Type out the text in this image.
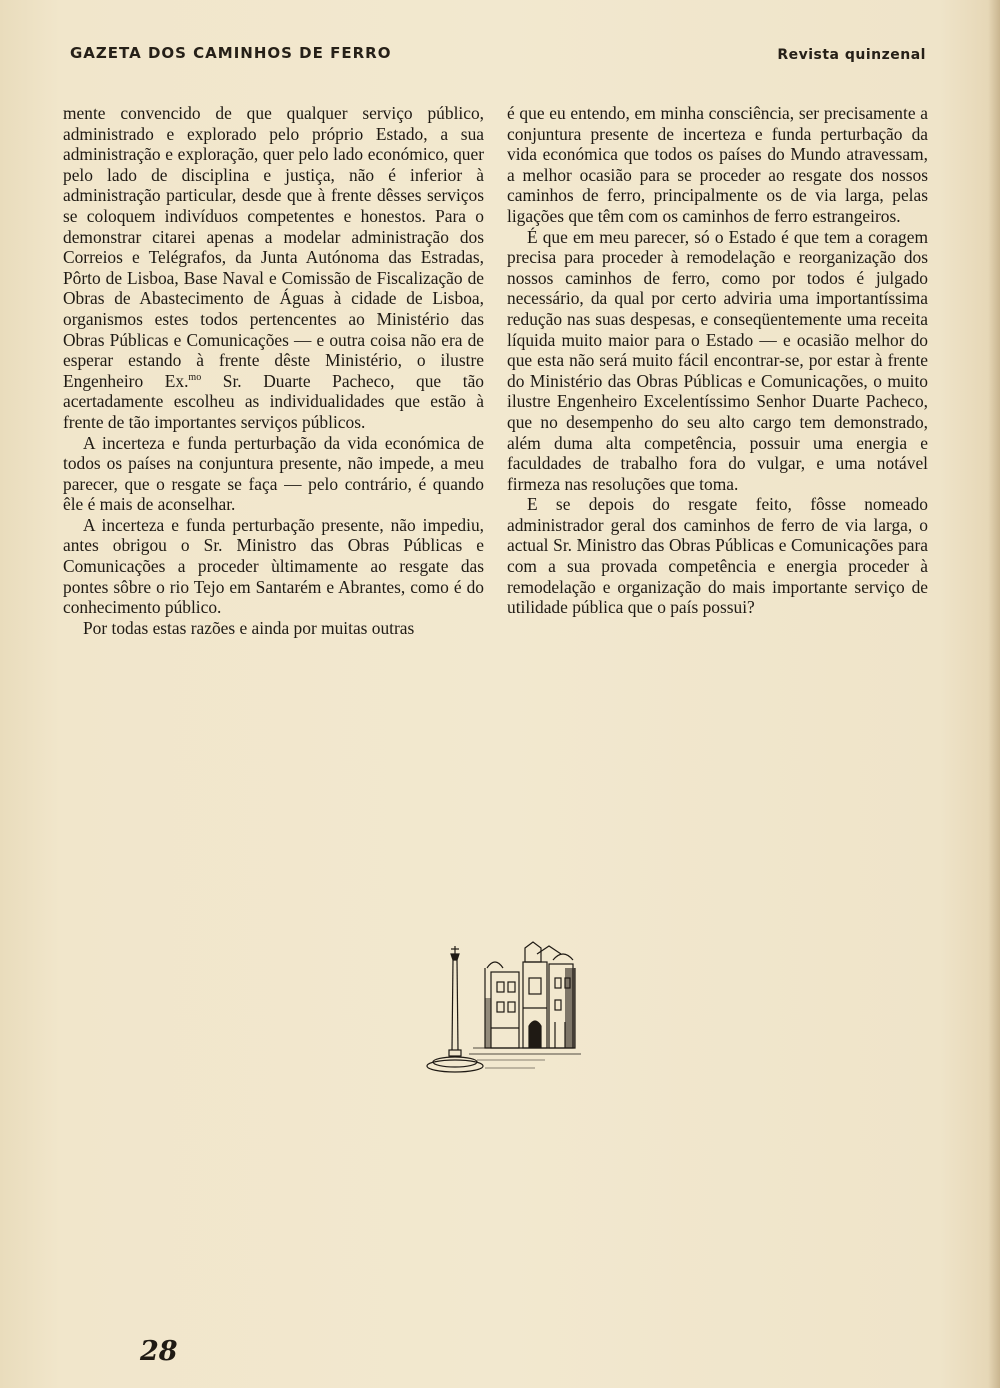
GAZETA DOS CAMINHOS DE FERRO	Revista quinzenal

mente convencido de que qualquer serviço público, administrado e explorado pelo próprio Estado, a sua administração e exploração, quer pelo lado económico, quer pelo lado de disciplina e justiça, não é inferior à administração particular, desde que à frente dêsses serviços se coloquem indivíduos competentes e honestos. Para o demonstrar citarei apenas a modelar administração dos Correios e Telégrafos, da Junta Autónoma das Estradas, Pôrto de Lisboa, Base Naval e Comissão de Fiscalização de Obras de Abastecimento de Águas à cidade de Lisboa, organismos estes todos pertencentes ao Ministério das Obras Públicas e Comunicações — e outra coisa não era de esperar estando à frente dêste Ministério, o ilustre Engenheiro Ex.$^{mo}$ Sr. Duarte Pacheco, que tão acertadamente escolheu as individualidades que estão à frente de tão importantes serviços públicos.

A incerteza e funda perturbação da vida económica de todos os países na conjuntura presente, não impede, a meu parecer, que o resgate se faça — pelo contrário, é quando êle é mais de aconselhar.

A incerteza e funda perturbação presente, não impediu, antes obrigou o Sr. Ministro das Obras Públicas e Comunicações a proceder ùltimamente ao resgate das pontes sôbre o rio Tejo em Santarém e Abrantes, como é do conhecimento público.

Por todas estas razões e ainda por muitas outras

é que eu entendo, em minha consciência, ser precisamente a conjuntura presente de incerteza e funda perturbação da vida económica que todos os países do Mundo atravessam, a melhor ocasião para se proceder ao resgate dos nossos caminhos de ferro, principalmente os de via larga, pelas ligações que têm com os caminhos de ferro estrangeiros.

É que em meu parecer, só o Estado é que tem a coragem precisa para proceder à remodelação e reorganização dos nossos caminhos de ferro, como por todos é julgado necessário, da qual por certo adviria uma importantíssima redução nas suas despesas, e conseqüentemente uma receita líquida muito maior para o Estado — e ocasião melhor do que esta não será muito fácil encontrar-se, por estar à frente do Ministério das Obras Públicas e Comunicações, o muito ilustre Engenheiro Excelentíssimo Senhor Duarte Pacheco, que no desempenho do seu alto cargo tem demonstrado, além duma alta competência, possuir uma energia e faculdades de trabalho fora do vulgar, e uma notável firmeza nas resoluções que toma.

E se depois do resgate feito, fôsse nomeado administrador geral dos caminhos de ferro de via larga, o actual Sr. Ministro das Obras Públicas e Comunicações para com a sua provada competência e energia proceder à remodelação e organização do mais importante serviço de utilidade pública que o país possui?

28
